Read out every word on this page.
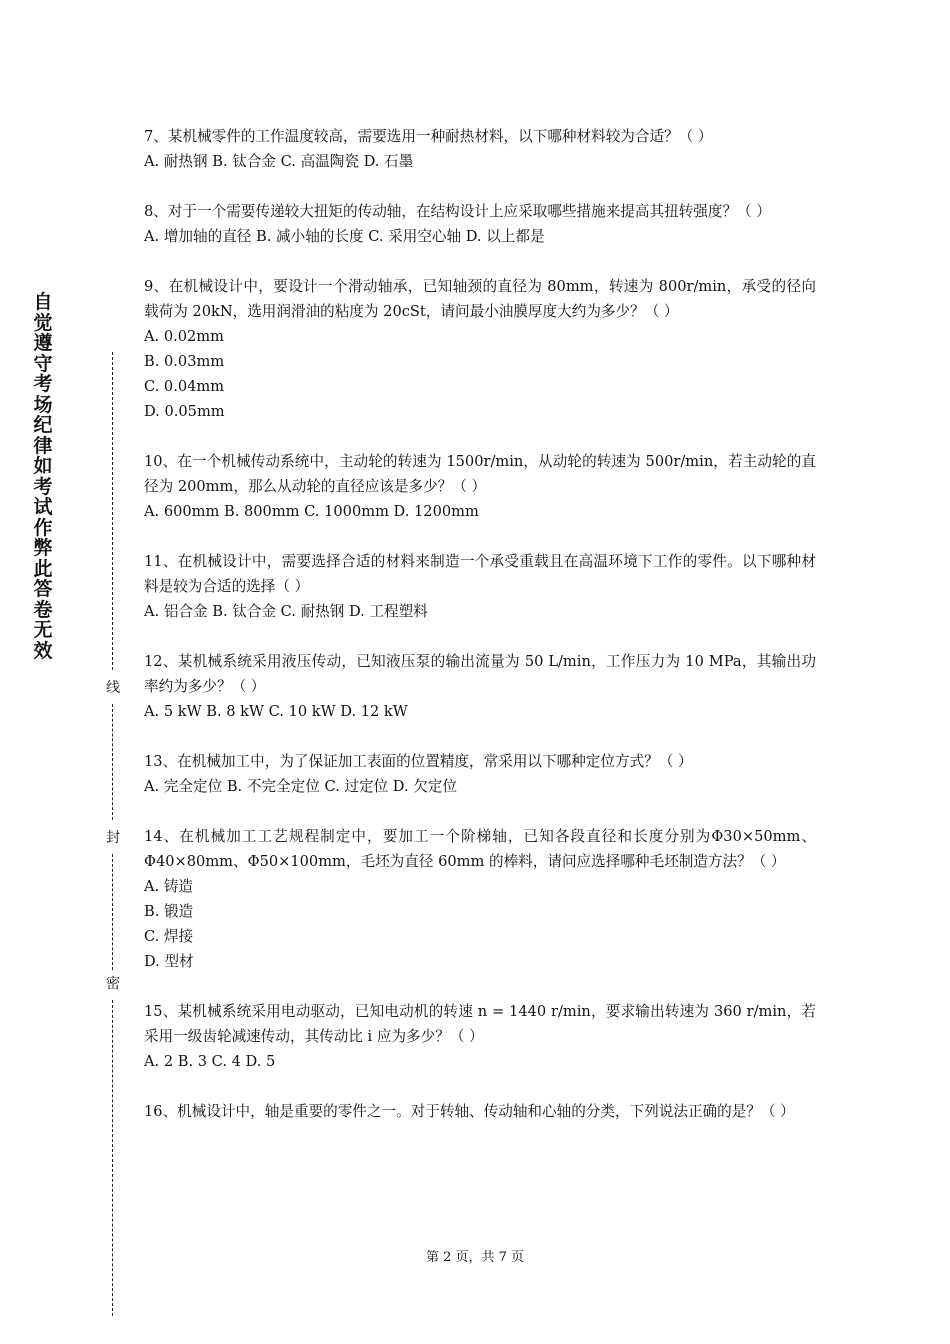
自觉遵守考场纪律如考试作弊此答卷无效
线
封
密
7、某机械零件的工作温度较高，需要选用一种耐热材料，以下哪种材料较为合适？（ ）
A. 耐热钢 B. 钛合金 C. 高温陶瓷 D. 石墨
8、对于一个需要传递较大扭矩的传动轴，在结构设计上应采取哪些措施来提高其扭转强度？（ ）
A. 增加轴的直径 B. 减小轴的长度 C. 采用空心轴 D. 以上都是
9、在机械设计中，要设计一个滑动轴承，已知轴颈的直径为 80mm，转速为 800r/min，承受的径向载荷为 20kN，选用润滑油的粘度为 20cSt，请问最小油膜厚度大约为多少？（ ）
A. 0.02mm
B. 0.03mm
C. 0.04mm
D. 0.05mm
10、在一个机械传动系统中，主动轮的转速为 1500r/min，从动轮的转速为 500r/min，若主动轮的直径为 200mm，那么从动轮的直径应该是多少？（ ）
A. 600mm B. 800mm C. 1000mm D. 1200mm
11、在机械设计中，需要选择合适的材料来制造一个承受重载且在高温环境下工作的零件。以下哪种材料是较为合适的选择（ ）
A. 铝合金 B. 钛合金 C. 耐热钢 D. 工程塑料
12、某机械系统采用液压传动，已知液压泵的输出流量为 50 L/min，工作压力为 10 MPa，其输出功率约为多少？（ ）
A. 5 kW B. 8 kW C. 10 kW D. 12 kW
13、在机械加工中，为了保证加工表面的位置精度，常采用以下哪种定位方式？（ ）
A. 完全定位 B. 不完全定位 C. 过定位 D. 欠定位
14、在机械加工工艺规程制定中，要加工一个阶梯轴，已知各段直径和长度分别为Φ30×50mm、Φ40×80mm、Φ50×100mm，毛坯为直径 60mm 的棒料，请问应选择哪种毛坯制造方法？（ ）
A. 铸造
B. 锻造
C. 焊接
D. 型材
15、某机械系统采用电动驱动，已知电动机的转速 n = 1440 r/min，要求输出转速为 360 r/min，若采用一级齿轮减速传动，其传动比 i 应为多少？（ ）
A. 2 B. 3 C. 4 D. 5
16、机械设计中，轴是重要的零件之一。对于转轴、传动轴和心轴的分类，下列说法正确的是？（ ）
第 2 页，共 7 页
